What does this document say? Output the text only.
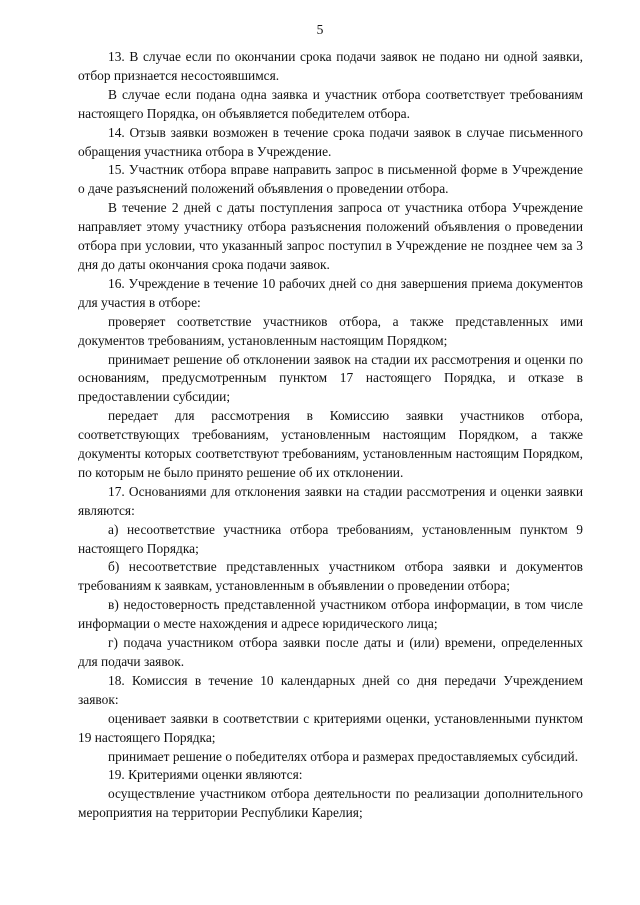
5

13. В случае если по окончании срока подачи заявок не подано ни одной заявки, отбор признается несостоявшимся.

В случае если подана одна заявка и участник отбора соответствует требованиям настоящего Порядка, он объявляется победителем отбора.

14. Отзыв заявки возможен в течение срока подачи заявок в случае письменного обращения участника отбора в Учреждение.

15. Участник отбора вправе направить запрос в письменной форме в Учреждение о даче разъяснений положений объявления о проведении отбора.

В течение 2 дней с даты поступления запроса от участника отбора Учреждение направляет этому участнику отбора разъяснения положений объявления о проведении отбора при условии, что указанный запрос поступил в Учреждение не позднее чем за 3 дня до даты окончания срока подачи заявок.

16. Учреждение в течение 10 рабочих дней со дня завершения приема документов для участия в отборе:

проверяет соответствие участников отбора, а также представленных ими документов требованиям, установленным настоящим Порядком;

принимает решение об отклонении заявок на стадии их рассмотрения и оценки по основаниям, предусмотренным пунктом 17 настоящего Порядка, и отказе в предоставлении субсидии;

передает для рассмотрения в Комиссию заявки участников отбора, соответствующих требованиям, установленным настоящим Порядком, а также документы которых соответствуют требованиям, установленным настоящим Порядком, по которым не было принято решение об их отклонении.

17. Основаниями для отклонения заявки на стадии рассмотрения и оценки заявки являются:

а) несоответствие участника отбора требованиям, установленным пунктом 9 настоящего Порядка;

б) несоответствие представленных участником отбора заявки и документов требованиям к заявкам, установленным в объявлении о проведении отбора;

в) недостоверность представленной участником отбора информации, в том числе информации о месте нахождения и адресе юридического лица;

г) подача участником отбора заявки после даты и (или) времени, определенных для подачи заявок.

18. Комиссия в течение 10 календарных дней со дня передачи Учреждением заявок:

оценивает заявки в соответствии с критериями оценки, установленными пунктом 19 настоящего Порядка;

принимает решение о победителях отбора и размерах предоставляемых субсидий.

19. Критериями оценки являются:

осуществление участником отбора деятельности по реализации дополнительного мероприятия на территории Республики Карелия;
